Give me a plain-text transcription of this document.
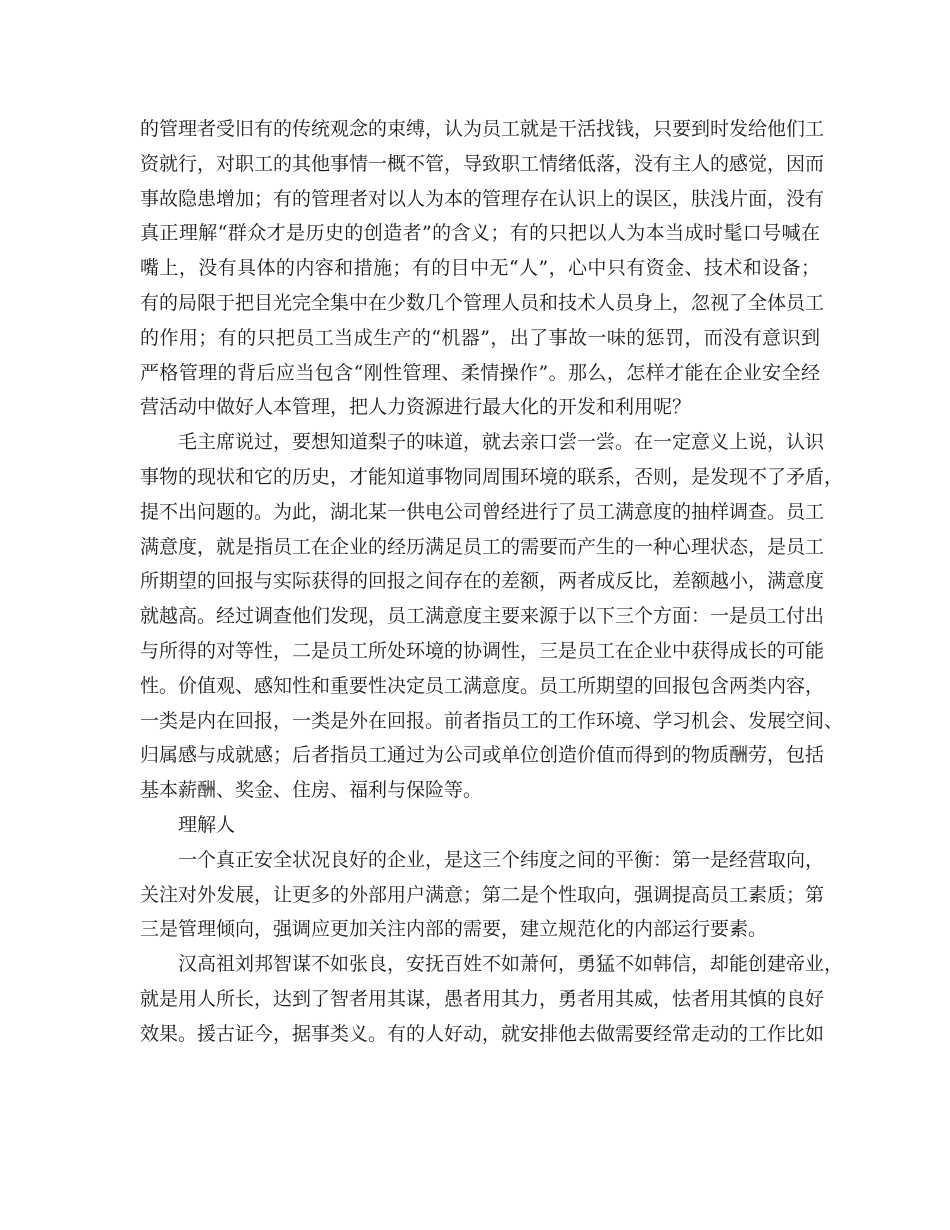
的管理者受旧有的传统观念的束缚，认为员工就是干活找钱，只要到时发给他们工
资就行，对职工的其他事情一概不管，导致职工情绪低落，没有主人的感觉，因而
事故隐患增加；有的管理者对以人为本的管理存在认识上的误区，肤浅片面，没有
真正理解“群众才是历史的创造者”的含义；有的只把以人为本当成时髦口号喊在
嘴上，没有具体的内容和措施；有的目中无“人”，心中只有资金、技术和设备；
有的局限于把目光完全集中在少数几个管理人员和技术人员身上，忽视了全体员工
的作用；有的只把员工当成生产的“机器”，出了事故一味的惩罚，而没有意识到
严格管理的背后应当包含“刚性管理、柔情操作”。那么，怎样才能在企业安全经
营活动中做好人本管理，把人力资源进行最大化的开发和利用呢？
毛主席说过，要想知道梨子的味道，就去亲口尝一尝。在一定意义上说，认识
事物的现状和它的历史，才能知道事物同周围环境的联系，否则，是发现不了矛盾，
提不出问题的。为此，湖北某一供电公司曾经进行了员工满意度的抽样调查。员工
满意度，就是指员工在企业的经历满足员工的需要而产生的一种心理状态，是员工
所期望的回报与实际获得的回报之间存在的差额，两者成反比，差额越小，满意度
就越高。经过调查他们发现，员工满意度主要来源于以下三个方面：一是员工付出
与所得的对等性，二是员工所处环境的协调性，三是员工在企业中获得成长的可能
性。价值观、感知性和重要性决定员工满意度。员工所期望的回报包含两类内容，
一类是内在回报，一类是外在回报。前者指员工的工作环境、学习机会、发展空间、
归属感与成就感；后者指员工通过为公司或单位创造价值而得到的物质酬劳，包括
基本薪酬、奖金、住房、福利与保险等。
理解人
一个真正安全状况良好的企业，是这三个纬度之间的平衡：第一是经营取向，
关注对外发展，让更多的外部用户满意；第二是个性取向，强调提高员工素质；第
三是管理倾向，强调应更加关注内部的需要，建立规范化的内部运行要素。
汉高祖刘邦智谋不如张良，安抚百姓不如萧何，勇猛不如韩信，却能创建帝业，
就是用人所长，达到了智者用其谋，愚者用其力，勇者用其威，怯者用其慎的良好
效果。援古证今，据事类义。有的人好动，就安排他去做需要经常走动的工作比如
